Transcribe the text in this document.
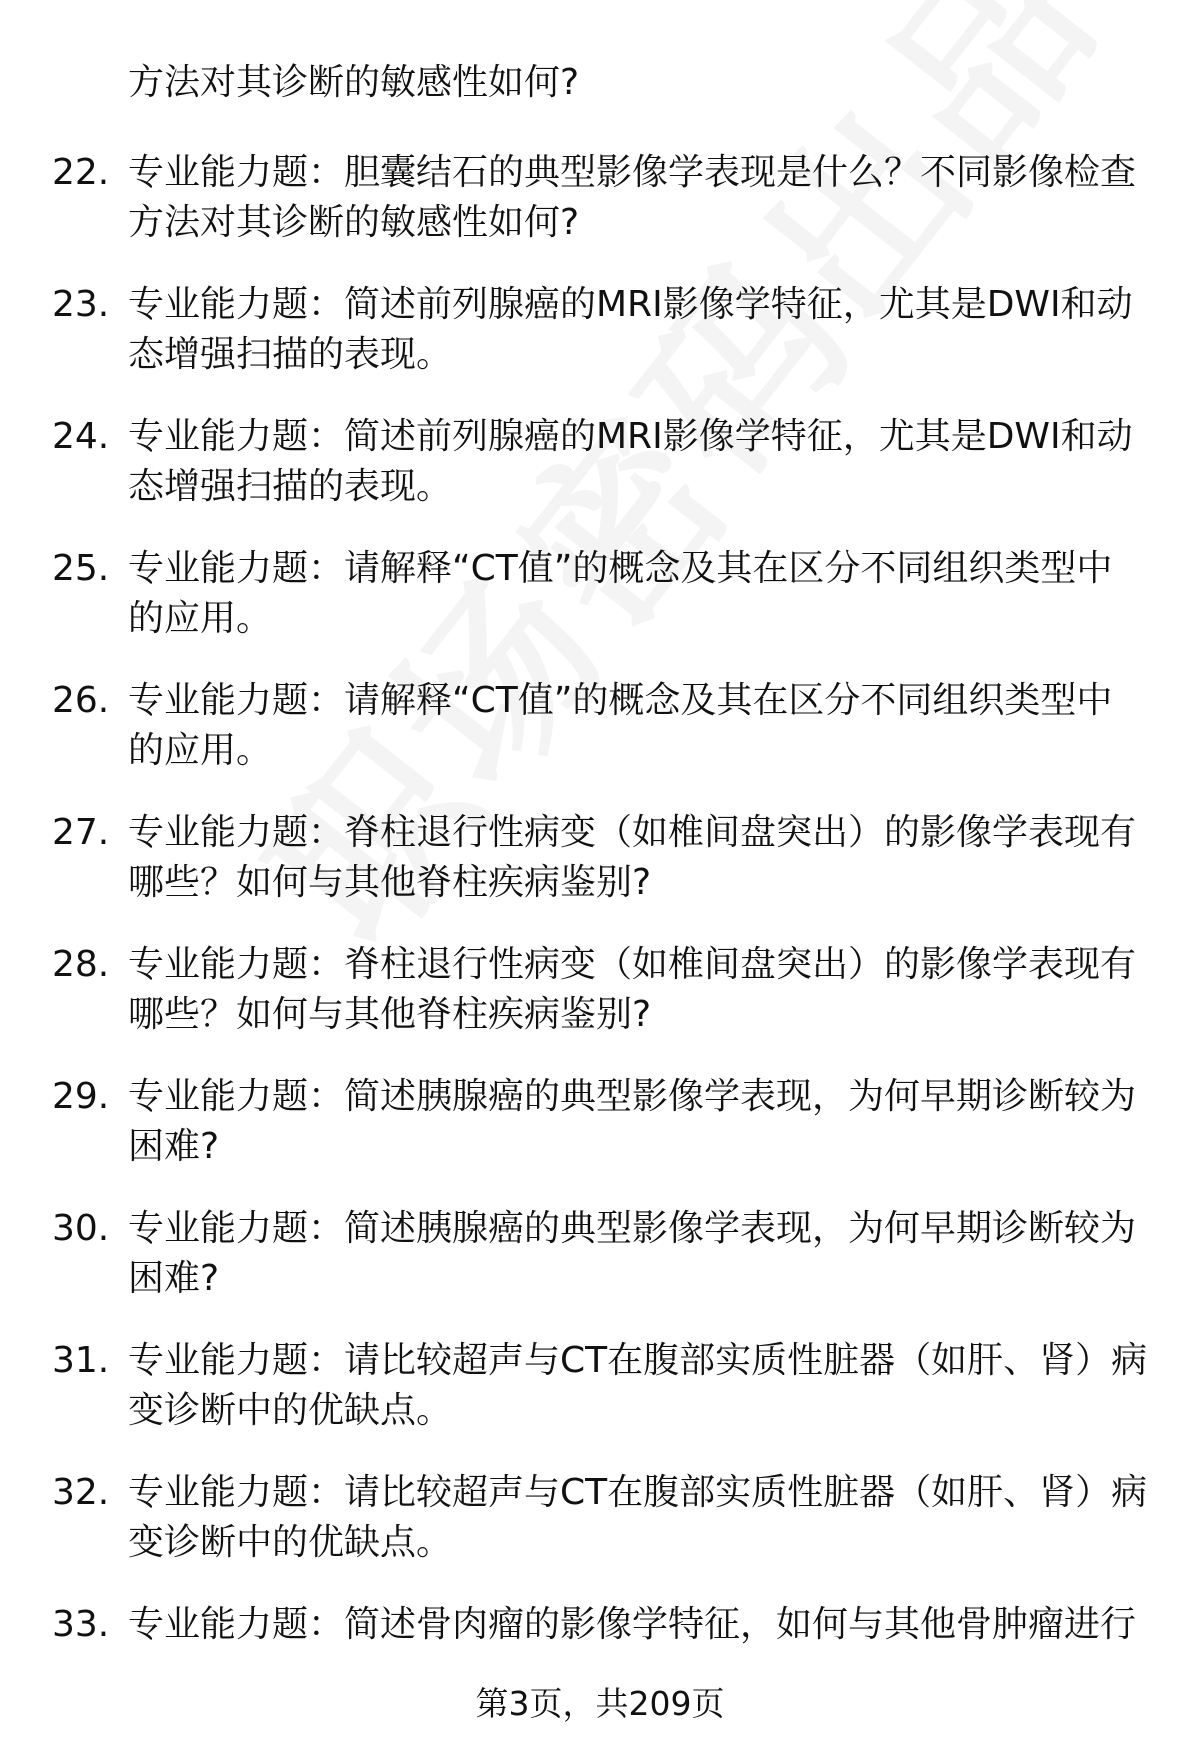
方法对其诊断的敏感性如何?
22. 专业能力题：胆囊结石的典型影像学表现是什么？不同影像检查
方法对其诊断的敏感性如何?
23. 专业能力题：简述前列腺癌的MRI影像学特征，尤其是DWI和动
态增强扫描的表现。
24. 专业能力题：简述前列腺癌的MRI影像学特征，尤其是DWI和动
态增强扫描的表现。
25. 专业能力题：请解释“CT值”的概念及其在区分不同组织类型中
的应用。
26. 专业能力题：请解释“CT值”的概念及其在区分不同组织类型中
的应用。
27. 专业能力题：脊柱退行性病变（如椎间盘突出）的影像学表现有
哪些？如何与其他脊柱疾病鉴别?
28. 专业能力题：脊柱退行性病变（如椎间盘突出）的影像学表现有
哪些？如何与其他脊柱疾病鉴别?
29. 专业能力题：简述胰腺癌的典型影像学表现，为何早期诊断较为
困难?
30. 专业能力题：简述胰腺癌的典型影像学表现，为何早期诊断较为
困难?
31. 专业能力题：请比较超声与CT在腹部实质性脏器（如肝、肾）病
变诊断中的优缺点。
32. 专业能力题：请比较超声与CT在腹部实质性脏器（如肝、肾）病
变诊断中的优缺点。
33. 专业能力题：简述骨肉瘤的影像学特征，如何与其他骨肿瘤进行
第3页，共209页
